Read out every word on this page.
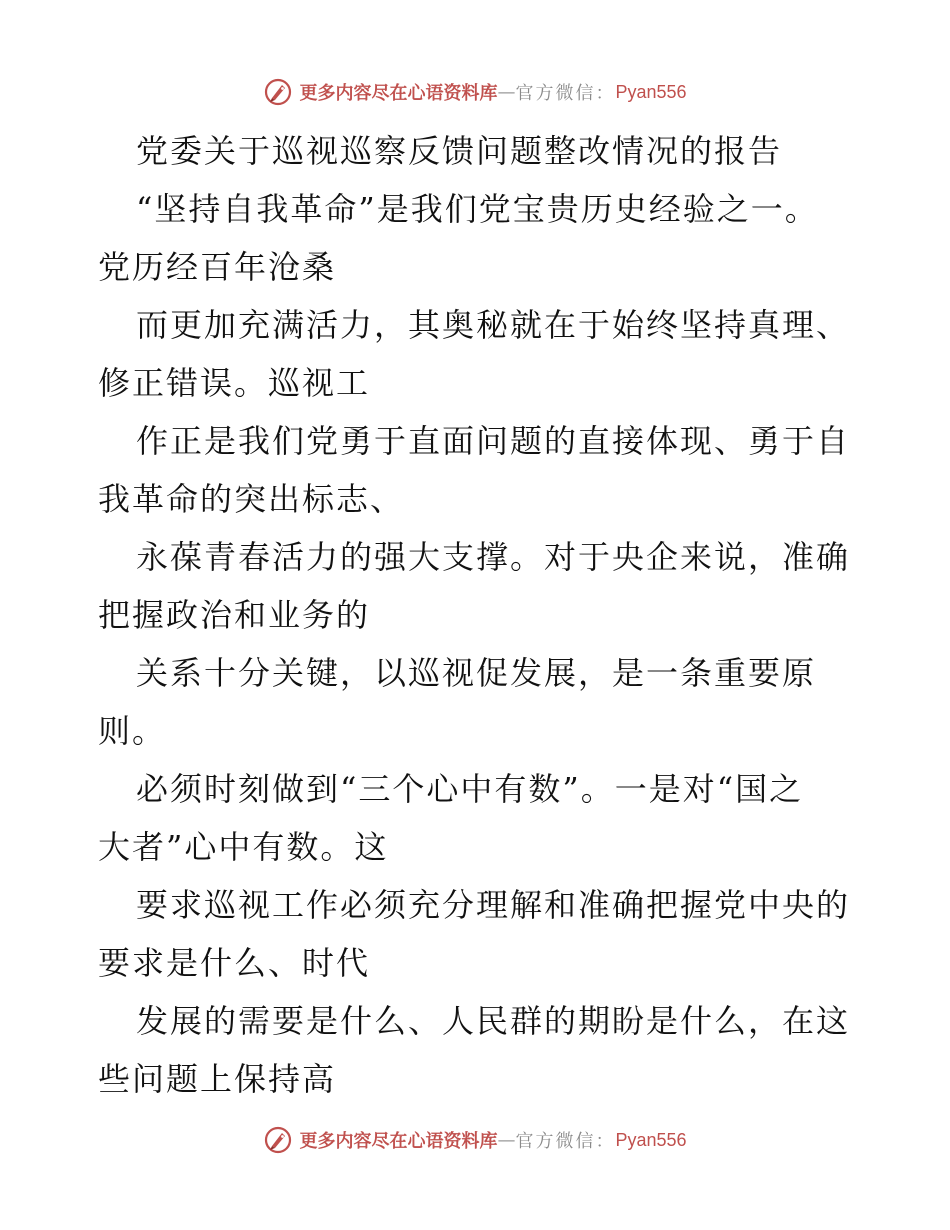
更多内容尽在心语资料库 — 官方微信： Pyan556
党委关于巡视巡察反馈问题整改情况的报告
“坚持自我革命”是我们党宝贵历史经验之一。
党历经百年沧桑
而更加充满活力，其奥秘就在于始终坚持真理、
修正错误。巡视工
作正是我们党勇于直面问题的直接体现、勇于自
我革命的突出标志、
永葆青春活力的强大支撑。对于央企来说，准确
把握政治和业务的
关系十分关键，以巡视促发展，是一条重要原
则。
必须时刻做到“三个心中有数”。一是对“国之
大者”心中有数。这
要求巡视工作必须充分理解和准确把握党中央的
要求是什么、时代
发展的需要是什么、人民群的期盼是什么，在这
些问题上保持高
更多内容尽在心语资料库 — 官方微信： Pyan556
